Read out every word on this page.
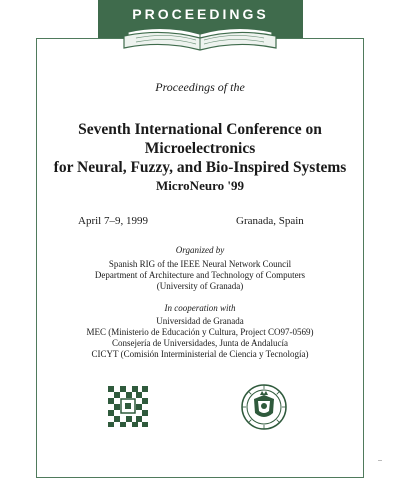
PROCEEDINGS
Proceedings of the
Seventh International Conference on Microelectronics
for Neural, Fuzzy, and Bio-Inspired Systems
MicroNeuro '99
April 7–9, 1999	Granada, Spain
Organized by
Spanish RIG of the IEEE Neural Network Council
Department of Architecture and Technology of Computers
(University of Granada)
In cooperation with
Universidad de Granada
MEC (Ministerio de Educación y Cultura, Project CO97-0569)
Consejería de Universidades, Junta de Andalucía
CICYT (Comisión Interministerial de Ciencia y Tecnología)
